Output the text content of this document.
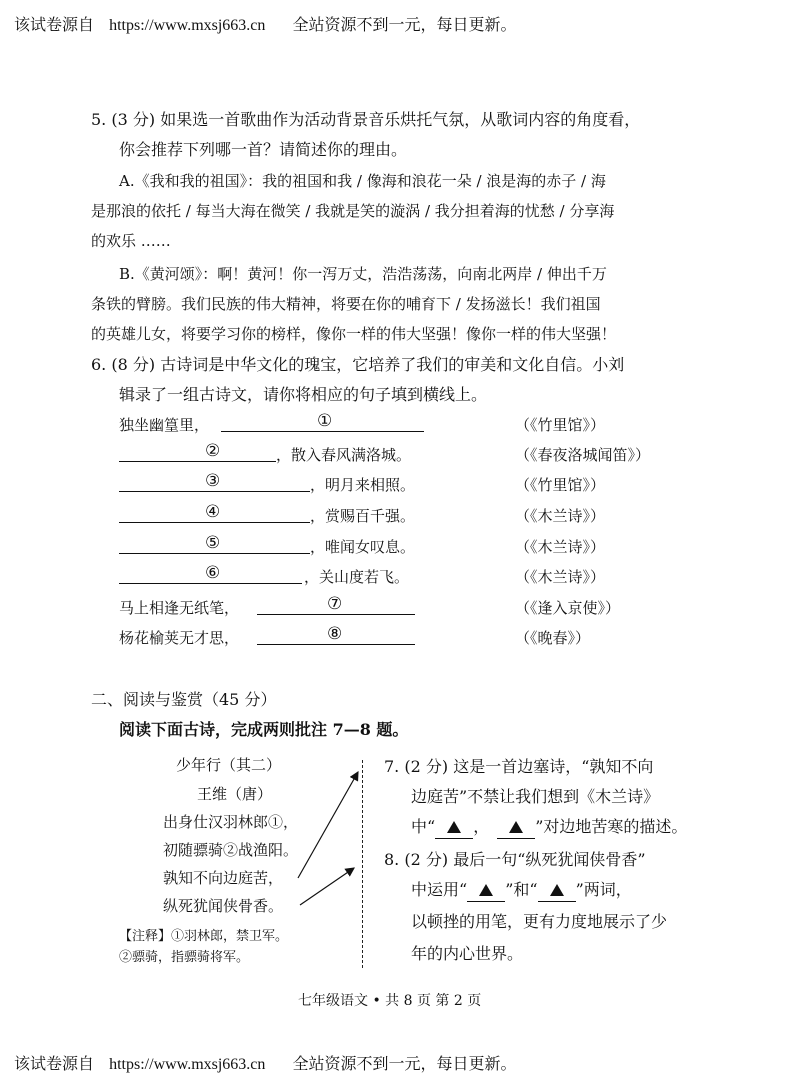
该试卷源自 https://www.mxsj663.cn 全站资源不到一元，每日更新。
5. (3 分) 如果选一首歌曲作为活动背景音乐烘托气氛，从歌词内容的角度看，
你会推荐下列哪一首？请简述你的理由。
A.《我和我的祖国》：我的祖国和我 / 像海和浪花一朵 / 浪是海的赤子 / 海
是那浪的依托 / 每当大海在微笑 / 我就是笑的漩涡 / 我分担着海的忧愁 / 分享海
的欢乐 ……
B.《黄河颂》：啊！黄河！你一泻万丈，浩浩荡荡，向南北两岸 / 伸出千万
条铁的臂膀。我们民族的伟大精神，将要在你的哺育下 / 发扬滋长！我们祖国
的英雄儿女，将要学习你的榜样，像你一样的伟大坚强！像你一样的伟大坚强！
6. (8 分) 古诗词是中华文化的瑰宝，它培养了我们的审美和文化自信。小刘
辑录了一组古诗文，请你将相应的句子填到横线上。
独坐幽篁里，	①	（《竹里馆》）
②	，散入春风满洛城。	（《春夜洛城闻笛》）
③	，明月来相照。	（《竹里馆》）
④	，赏赐百千强。	（《木兰诗》）
⑤	，唯闻女叹息。	（《木兰诗》）
⑥	，关山度若飞。	（《木兰诗》）
马上相逢无纸笔，	⑦	（《逢入京使》）
杨花榆荚无才思，	⑧	（《晚春》）
二、阅读与鉴赏（45 分）
阅读下面古诗，完成两则批注 7—8 题。
少年行（其二）
王维（唐）
出身仕汉羽林郎①，
初随骠骑②战渔阳。
孰知不向边庭苦，
纵死犹闻侠骨香。
【注释】①羽林郎，禁卫军。
②骠骑，指骠骑将军。
7. (2 分) 这是一首边塞诗，“孰知不向
边庭苦”不禁让我们想到《木兰诗》
中“ ，	”对边地苦寒的描述。
8. (2 分) 最后一句“纵死犹闻侠骨香”
中运用“ ”和“ ”两词，
以顿挫的用笔，更有力度地展示了少
年的内心世界。
七年级语文 • 共 8 页 第 2 页
该试卷源自 https://www.mxsj663.cn 全站资源不到一元，每日更新。
